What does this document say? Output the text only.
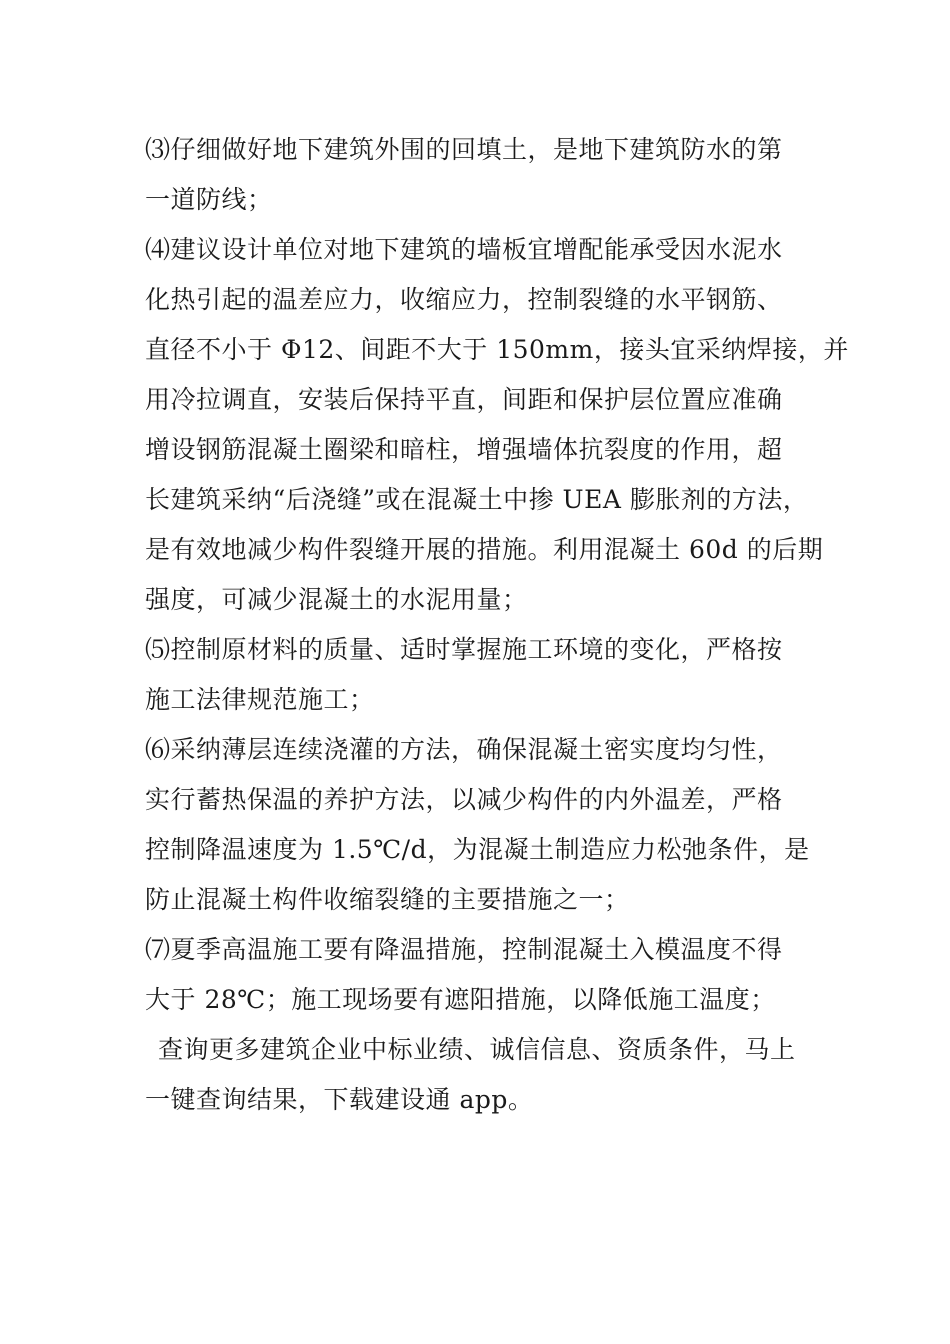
⑶仔细做好地下建筑外围的回填土，是地下建筑防水的第
一道防线；
⑷建议设计单位对地下建筑的墙板宜增配能承受因水泥水
化热引起的温差应力，收缩应力，控制裂缝的水平钢筋、
直径不小于 Φ12、间距不大于 150mm，接头宜采纳焊接，并
用冷拉调直，安装后保持平直，间距和保护层位置应准确
增设钢筋混凝土圈梁和暗柱，增强墙体抗裂度的作用，超
长建筑采纳“后浇缝”或在混凝土中掺 UEA 膨胀剂的方法，
是有效地减少构件裂缝开展的措施。利用混凝土 60d 的后期
强度，可减少混凝土的水泥用量；
⑸控制原材料的质量、适时掌握施工环境的变化，严格按
施工法律规范施工；
⑹采纳薄层连续浇灌的方法，确保混凝土密实度均匀性，
实行蓄热保温的养护方法，以减少构件的内外温差，严格
控制降温速度为 1.5℃/d，为混凝土制造应力松弛条件，是
防止混凝土构件收缩裂缝的主要措施之一；
⑺夏季高温施工要有降温措施，控制混凝土入模温度不得
大于 28℃；施工现场要有遮阳措施，以降低施工温度；
查询更多建筑企业中标业绩、诚信信息、资质条件，马上
一键查询结果，下载建设通 app。
